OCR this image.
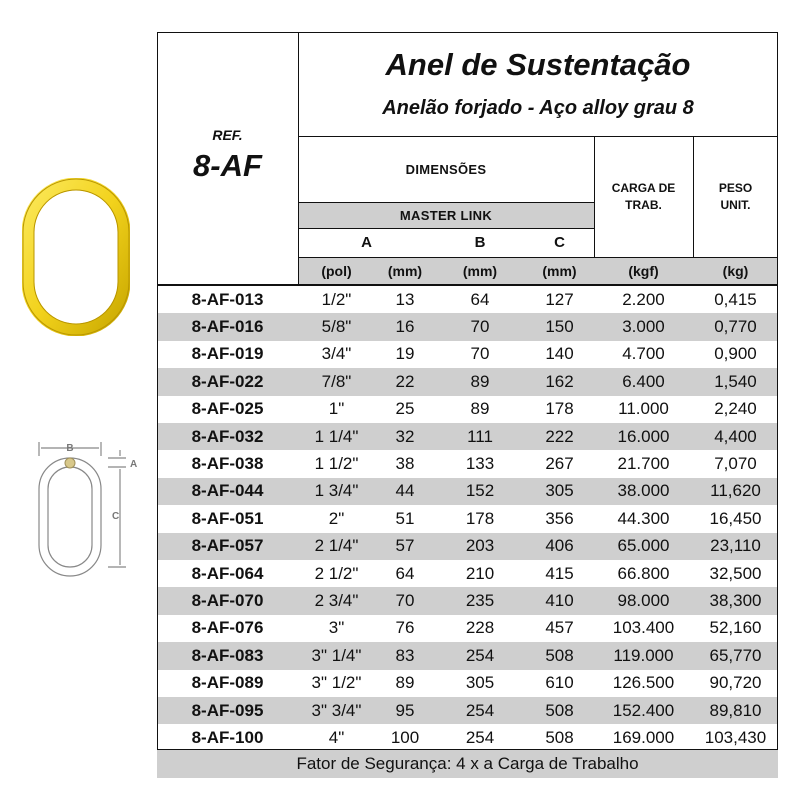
B
A
C
MASTER LINK
Fator de Segurança: 4 x a Carga de Trabalho
Anel de Sustentação
Anelão forjado - Aço alloy grau 8
REF.
8-AF	DIMENSÕES
CARGA DE TRAB.
PESO UNIT.
A	B	C
(pol)	(mm)	(mm)	(mm)	(kgf)	(kg)
8-AF-013	1/2"	13	64	127	2.200	0,415
8-AF-016	5/8"	16	70	150	3.000	0,770
8-AF-019	3/4"	19	70	140	4.700	0,900
8-AF-022	7/8"	22	89	162	6.400	1,540
8-AF-025	1"	25	89	178	11.000	2,240
8-AF-032	1 1/4"	32	111	222	16.000	4,400
8-AF-038	1 1/2"	38	133	267	21.700	7,070
8-AF-044	1 3/4"	44	152	305	38.000	11,620
8-AF-051	2"	51	178	356	44.300	16,450
8-AF-057	2 1/4"	57	203	406	65.000	23,110
8-AF-064	2 1/2"	64	210	415	66.800	32,500
8-AF-070	2 3/4"	70	235	410	98.000	38,300
8-AF-076	3"	76	228	457	103.400	52,160
8-AF-083	3" 1/4"	83	254	508	119.000	65,770
8-AF-089	3" 1/2"	89	305	610	126.500	90,720
8-AF-095	3" 3/4"	95	254	508	152.400	89,810
8-AF-100	4"	100	254	508	169.000	103,430
